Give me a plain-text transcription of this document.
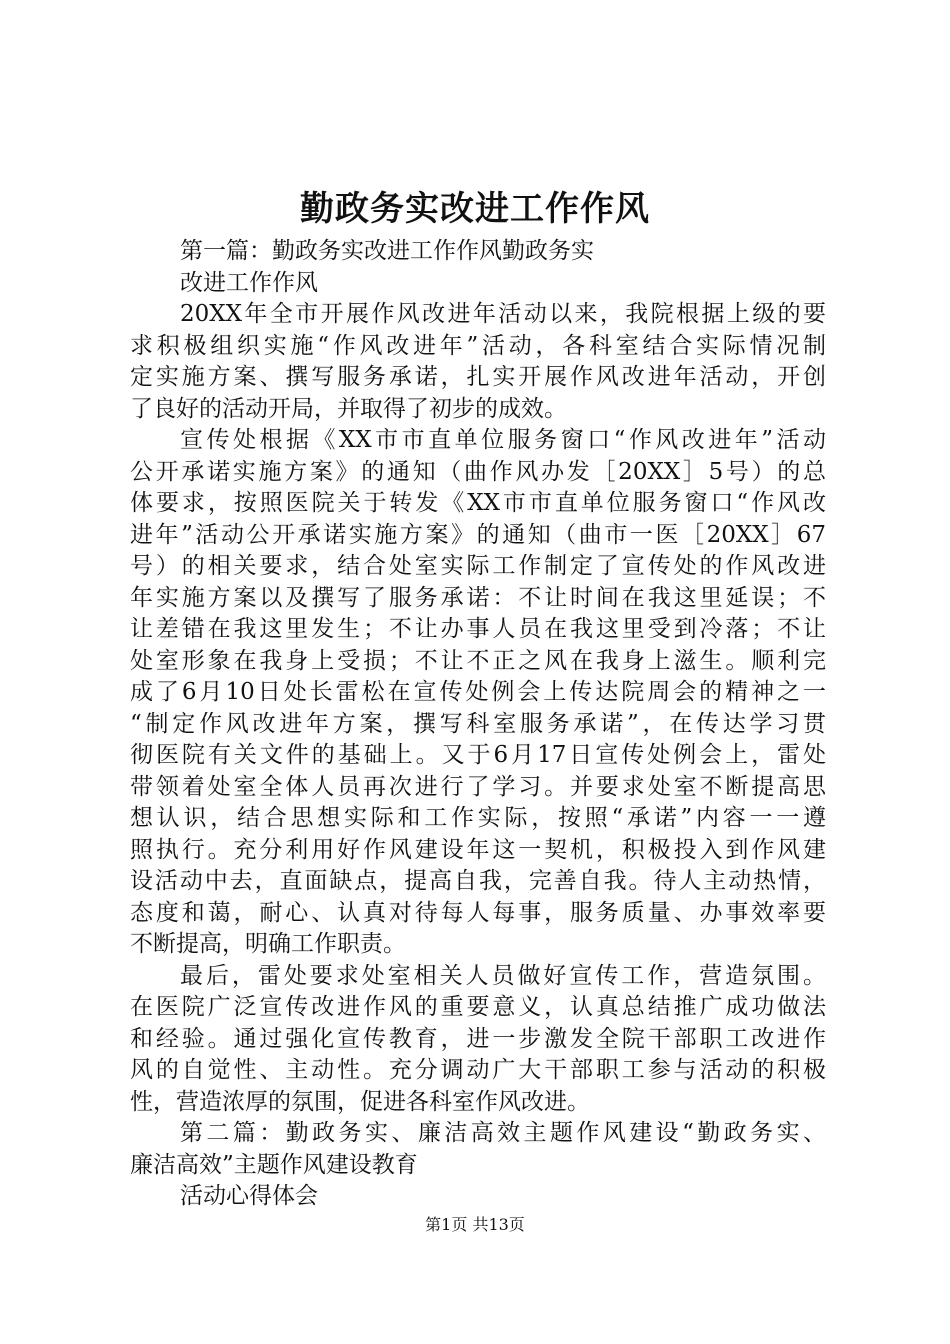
勤政务实改进工作作风
第一篇：勤政务实改进工作作风勤政务实
改进工作作风
20XX年全市开展作风改进年活动以来，我院根据上级的要
求积极组织实施“作风改进年”活动，各科室结合实际情况制
定实施方案、撰写服务承诺，扎实开展作风改进年活动，开创
了良好的活动开局，并取得了初步的成效。
宣传处根据《XX市市直单位服务窗口“作风改进年”活动
公开承诺实施方案》的通知（曲作风办发［20XX］5号）的总
体要求，按照医院关于转发《XX市市直单位服务窗口“作风改
进年”活动公开承诺实施方案》的通知（曲市一医［20XX］67
号）的相关要求，结合处室实际工作制定了宣传处的作风改进
年实施方案以及撰写了服务承诺：不让时间在我这里延误；不
让差错在我这里发生；不让办事人员在我这里受到冷落；不让
处室形象在我身上受损；不让不正之风在我身上滋生。顺利完
成了6月10日处长雷松在宣传处例会上传达院周会的精神之一
“制定作风改进年方案，撰写科室服务承诺”，在传达学习贯
彻医院有关文件的基础上。又于6月17日宣传处例会上，雷处
带领着处室全体人员再次进行了学习。并要求处室不断提高思
想认识，结合思想实际和工作实际，按照“承诺”内容一一遵
照执行。充分利用好作风建设年这一契机，积极投入到作风建
设活动中去，直面缺点，提高自我，完善自我。待人主动热情，
态度和蔼，耐心、认真对待每人每事，服务质量、办事效率要
不断提高，明确工作职责。
最后，雷处要求处室相关人员做好宣传工作，营造氛围。
在医院广泛宣传改进作风的重要意义，认真总结推广成功做法
和经验。通过强化宣传教育，进一步激发全院干部职工改进作
风的自觉性、主动性。充分调动广大干部职工参与活动的积极
性，营造浓厚的氛围，促进各科室作风改进。
第二篇：勤政务实、廉洁高效主题作风建设“勤政务实、
廉洁高效”主题作风建设教育
活动心得体会
第1页 共13页
